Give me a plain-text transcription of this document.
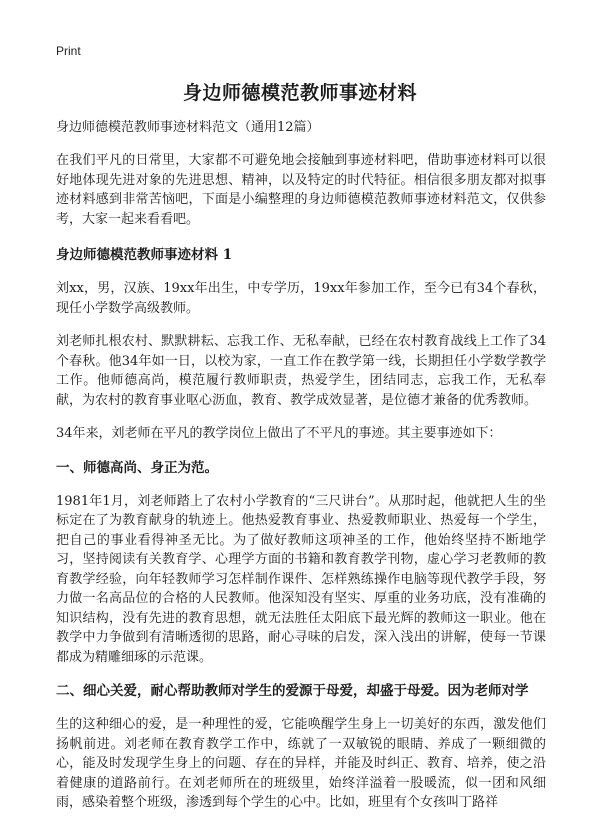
Print
身边师德模范教师事迹材料
身边师德模范教师事迹材料范文（通用12篇）

在我们平凡的日常里，大家都不可避免地会接触到事迹材料吧，借助事迹材料可以很好地体现先进对象的先进思想、精神，以及特定的时代特征。相信很多朋友都对拟事迹材料感到非常苦恼吧，下面是小编整理的身边师德模范教师事迹材料范文，仅供参考，大家一起来看看吧。

身边师德模范教师事迹材料 1

刘xx，男，汉族、19xx年出生，中专学历，19xx年参加工作，至今已有34个春秋，现任小学数学高级教师。

刘老师扎根农村、默默耕耘、忘我工作、无私奉献，已经在农村教育战线上工作了34个春秋。他34年如一日，以校为家，一直工作在教学第一线，长期担任小学数学教学工作。他师德高尚，模范履行教师职责，热爱学生，团结同志，忘我工作，无私奉献，为农村的教育事业呕心沥血，教育、教学成效显著，是位德才兼备的优秀教师。

34年来，刘老师在平凡的教学岗位上做出了不平凡的事迹。其主要事迹如下：

一、师德高尚、身正为范。

1981年1月，刘老师踏上了农村小学教育的“三尺讲台”。从那时起，他就把人生的坐标定在了为教育献身的轨迹上。他热爱教育事业、热爱教师职业、热爱每一个学生，把自己的事业看得神圣无比。为了做好教师这项神圣的工作，他始终坚持不断地学习，坚持阅读有关教育学、心理学方面的书籍和教育教学刊物，虚心学习老教师的教育教学经验，向年轻教师学习怎样制作课件、怎样熟练操作电脑等现代教学手段，努力做一名高品位的合格的人民教师。他深知没有坚实、厚重的业务功底，没有准确的知识结构，没有先进的教育思想，就无法胜任太阳底下最光辉的教师这一职业。他在教学中力争做到有清晰透彻的思路，耐心寻味的启发，深入浅出的讲解，使每一节课都成为精雕细琢的示范课。

二、细心关爱，耐心帮助教师对学生的爱源于母爱，却盛于母爱。因为老师对学

生的这种细心的爱，是一种理性的爱，它能唤醒学生身上一切美好的东西，激发他们扬帆前进。刘老师在教育教学工作中，练就了一双敏锐的眼睛、养成了一颗细微的心，能及时发现学生身上的问题、存在的异样，并能及时纠正、教育、培养，使之沿着健康的道路前行。在刘老师所在的班级里，始终洋溢着一股暖流，似一团和风细雨，感染着整个班级，渗透到每个学生的心中。比如，班里有个女孩叫丁路祥
